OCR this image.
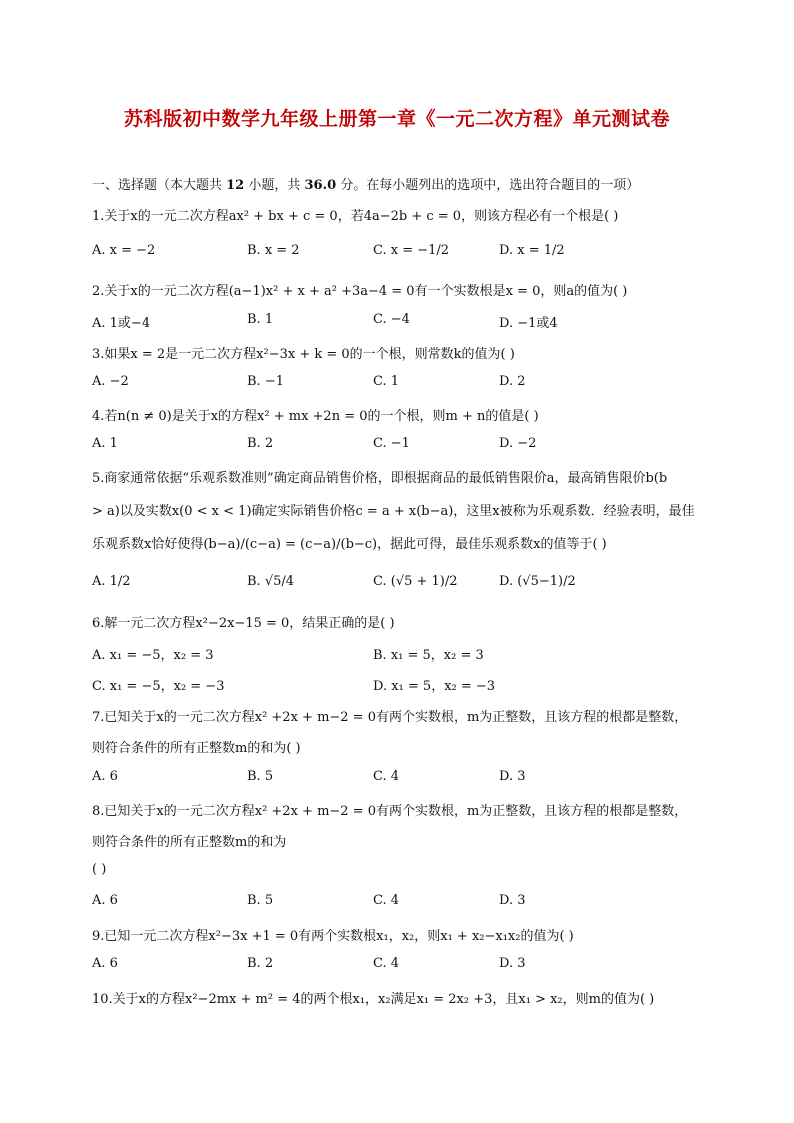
苏科版初中数学九年级上册第一章《一元二次方程》单元测试卷
一、选择题（本大题共 12 小题，共 36.0 分。在每小题列出的选项中，选出符合题目的一项）
1.关于x的一元二次方程ax² + bx + c = 0，若4a−2b + c = 0，则该方程必有一个根是( )
A. x = −2	B. x = 2	C. x = −1/2	D. x = 1/2
2.关于x的一元二次方程(a−1)x² + x + a² +3a−4 = 0有一个实数根是x = 0，则a的值为( )
A. 1或−4	B. 1	C. −4	D. −1或4
3.如果x = 2是一元二次方程x²−3x + k = 0的一个根，则常数k的值为( )
A. −2	B. −1	C. 1	D. 2
4.若n(n ≠ 0)是关于x的方程x² + mx +2n = 0的一个根，则m + n的值是( )
A. 1	B. 2	C. −1	D. −2
5.商家通常依据“乐观系数准则”确定商品销售价格，即根据商品的最低销售限价a，最高销售限价b(b
> a)以及实数x(0 < x < 1)确定实际销售价格c = a + x(b−a)，这里x被称为乐观系数．经验表明，最佳
乐观系数x恰好使得(b−a)/(c−a) = (c−a)/(b−c)，据此可得，最佳乐观系数x的值等于( )
A. 1/2	B. √5/4	C. (√5 + 1)/2	D. (√5−1)/2
6.解一元二次方程x²−2x−15 = 0，结果正确的是( )
A. x₁ = −5，x₂ = 3	B. x₁ = 5，x₂ = 3
C. x₁ = −5，x₂ = −3	D. x₁ = 5，x₂ = −3
7.已知关于x的一元二次方程x² +2x + m−2 = 0有两个实数根，m为正整数，且该方程的根都是整数，
则符合条件的所有正整数m的和为( )
A. 6	B. 5	C. 4	D. 3
8.已知关于x的一元二次方程x² +2x + m−2 = 0有两个实数根，m为正整数，且该方程的根都是整数，
则符合条件的所有正整数m的和为
( )
A. 6	B. 5	C. 4	D. 3
9.已知一元二次方程x²−3x +1 = 0有两个实数根x₁，x₂，则x₁ + x₂−x₁x₂的值为( )
A. 6	B. 2	C. 4	D. 3
10.关于x的方程x²−2mx + m² = 4的两个根x₁，x₂满足x₁ = 2x₂ +3，且x₁ > x₂，则m的值为( )
